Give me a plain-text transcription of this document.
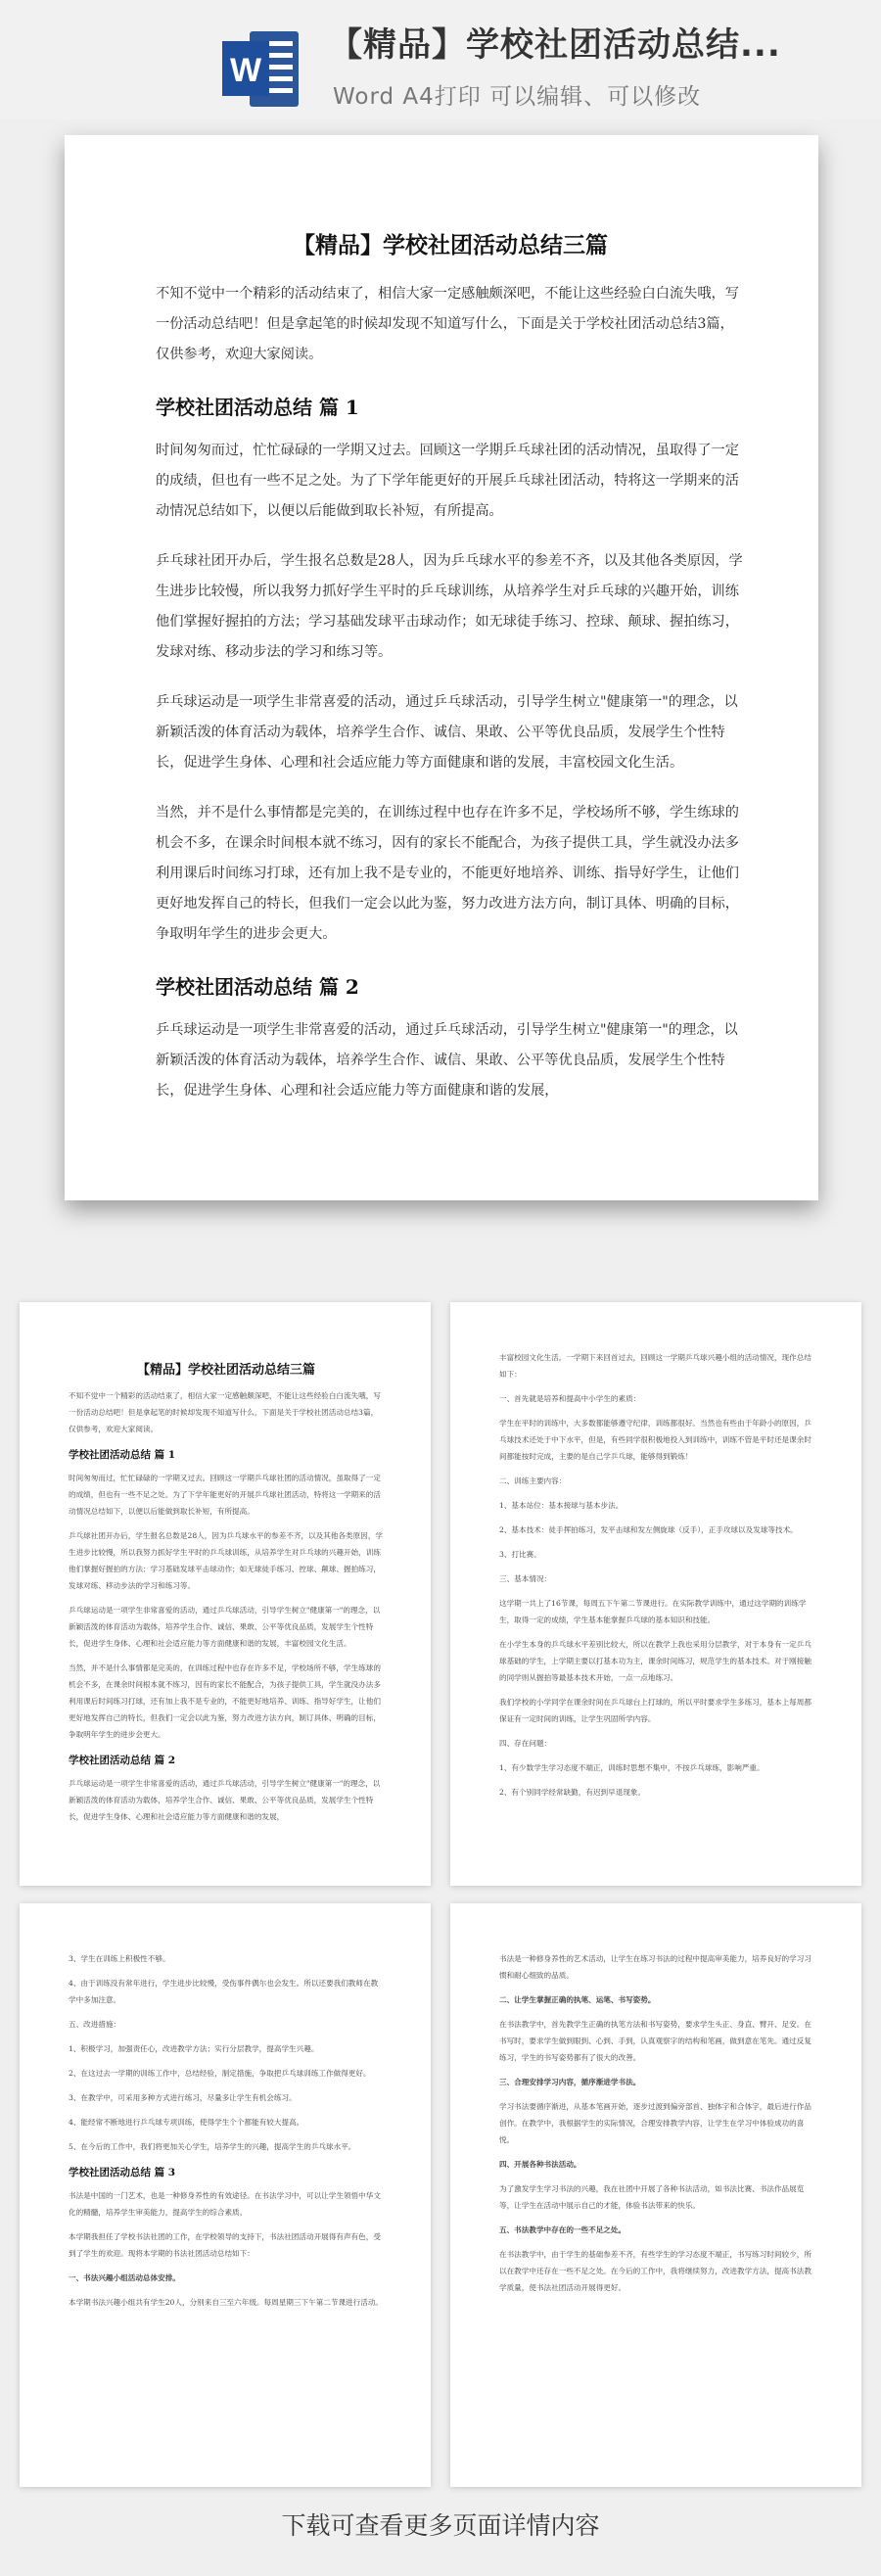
W
【精品】学校社团活动总结...
Word A4打印 可以编辑、可以修改
【精品】学校社团活动总结三篇

不知不觉中一个精彩的活动结束了，相信大家一定感触颇深吧，不能让这些经验白白流失哦，写一份活动总结吧！但是拿起笔的时候却发现不知道写什么，下面是关于学校社团活动总结3篇，仅供参考，欢迎大家阅读。

学校社团活动总结 篇 1

时间匆匆而过，忙忙碌碌的一学期又过去。回顾这一学期乒乓球社团的活动情况，虽取得了一定的成绩，但也有一些不足之处。为了下学年能更好的开展乒乓球社团活动，特将这一学期来的活动情况总结如下，以便以后能做到取长补短，有所提高。

乒乓球社团开办后，学生报名总数是28人，因为乒乓球水平的参差不齐，以及其他各类原因，学生进步比较慢，所以我努力抓好学生平时的乒乓球训练，从培养学生对乒乓球的兴趣开始，训练他们掌握好握拍的方法；学习基础发球平击球动作；如无球徒手练习、控球、颠球、握拍练习，发球对练、移动步法的学习和练习等。

乒乓球运动是一项学生非常喜爱的活动，通过乒乓球活动，引导学生树立"健康第一"的理念，以新颖活泼的体育活动为载体，培养学生合作、诚信、果敢、公平等优良品质，发展学生个性特长，促进学生身体、心理和社会适应能力等方面健康和谐的发展，丰富校园文化生活。

当然，并不是什么事情都是完美的，在训练过程中也存在许多不足，学校场所不够，学生练球的机会不多，在课余时间根本就不练习，因有的家长不能配合，为孩子提供工具，学生就没办法多利用课后时间练习打球，还有加上我不是专业的，不能更好地培养、训练、指导好学生，让他们更好地发挥自己的特长，但我们一定会以此为鉴，努力改进方法方向，制订具体、明确的目标，争取明年学生的进步会更大。

学校社团活动总结 篇 2

乒乓球运动是一项学生非常喜爱的活动，通过乒乓球活动，引导学生树立"健康第一"的理念，以新颖活泼的体育活动为载体，培养学生合作、诚信、果敢、公平等优良品质，发展学生个性特长，促进学生身体、心理和社会适应能力等方面健康和谐的发展，

【精品】学校社团活动总结三篇

不知不觉中一个精彩的活动结束了，相信大家一定感触颇深吧，不能让这些经验白白流失哦，写一份活动总结吧！但是拿起笔的时候却发现不知道写什么，下面是关于学校社团活动总结3篇，仅供参考，欢迎大家阅读。

学校社团活动总结 篇 1

时间匆匆而过，忙忙碌碌的一学期又过去。回顾这一学期乒乓球社团的活动情况，虽取得了一定的成绩，但也有一些不足之处。为了下学年能更好的开展乒乓球社团活动，特将这一学期来的活动情况总结如下，以便以后能做到取长补短，有所提高。

乒乓球社团开办后，学生报名总数是28人，因为乒乓球水平的参差不齐，以及其他各类原因，学生进步比较慢，所以我努力抓好学生平时的乒乓球训练，从培养学生对乒乓球的兴趣开始，训练他们掌握好握拍的方法；学习基础发球平击球动作；如无球徒手练习、控球、颠球、握拍练习，发球对练、移动步法的学习和练习等。

乒乓球运动是一项学生非常喜爱的活动，通过乒乓球活动，引导学生树立"健康第一"的理念，以新颖活泼的体育活动为载体，培养学生合作、诚信、果敢、公平等优良品质，发展学生个性特长，促进学生身体、心理和社会适应能力等方面健康和谐的发展，丰富校园文化生活。

当然，并不是什么事情都是完美的，在训练过程中也存在许多不足，学校场所不够，学生练球的机会不多，在课余时间根本就不练习，因有的家长不能配合，为孩子提供工具，学生就没办法多利用课后时间练习打球，还有加上我不是专业的，不能更好地培养、训练、指导好学生，让他们更好地发挥自己的特长，但我们一定会以此为鉴，努力改进方法方向，制订具体、明确的目标，争取明年学生的进步会更大。

学校社团活动总结 篇 2

乒乓球运动是一项学生非常喜爱的活动，通过乒乓球活动，引导学生树立"健康第一"的理念，以新颖活泼的体育活动为载体，培养学生合作、诚信、果敢、公平等优良品质，发展学生个性特长，促进学生身体、心理和社会适应能力等方面健康和谐的发展，

丰富校园文化生活。一学期下来回首过去，回顾这一学期乒乓球兴趣小组的活动情况，现作总结如下：

一、首先就是培养和提高中小学生的素质：

学生在平时的训练中，大多数都能够遵守纪律，训练都很好。当然也有些由于年龄小的原因，乒乓球技术还处于中下水平，但是，有些同学很积极地投入到训练中，训练不管是平时还是课余时间都能按时完成，主要的是自己学乒乓球，能够得到锻炼！

二、训练主要内容：

1、基本站位：基本接球与基本步法。

2、基本技术：徒手挥拍练习，发平击球和发左侧旋球（反手），正手攻球以及发球等技术。

3、打比赛。

三、基本情况：

这学期一共上了16节课，每周五下午第二节课进行。在实际教学训练中，通过这学期的训练学生，取得一定的成绩，学生基本能掌握乒乓球的基本知识和技能。

在小学生本身的乒乓球水平差别比较大，所以在教学上我也采用分层教学，对于本身有一定乒乓球基础的学生，上学期主要以打基本功为主，课余时间练习，规范学生的基本技术。对于刚接触的同学则从握拍等最基本技术开始，一点一点地练习。

我们学校的小学同学在课余时间在乒乓球台上打球的，所以平时要求学生多练习，基本上每周都保证有一定时间的训练，让学生巩固所学内容。

四、存在问题：

1、有少数学生学习态度不端正，训练时思想不集中，不按乒乓球练，影响严重。

2、有个别同学经常缺勤，有迟到早退现象。

3、学生在训练上积极性不够。

4、由于训练没有常年进行，学生进步比较慢，受伤事件偶尔也会发生。所以还要我们教师在教学中多加注意。

五、改进措施：

1、积极学习，加强责任心，改进教学方法；实行分层教学，提高学生兴趣。

2、在这过去一学期的训练工作中，总结经验，制定措施，争取把乒乓球训练工作做得更好。

3、在教学中，可采用多种方式进行练习，尽量多让学生有机会练习。

4、能经常不断地进行乒乓球专项训练，使得学生个个都能有较大提高。

5、在今后的工作中，我们将更加关心学生，培养学生的兴趣，提高学生的乒乓球水平。

学校社团活动总结 篇 3

书法是中国的一门艺术，也是一种修身养性的有效途径。在书法学习中，可以让学生领悟中华文化的精髓，培养学生审美能力，提高学生的综合素质。

本学期我担任了学校书法社团的工作，在学校领导的支持下，书法社团活动开展得有声有色，受到了学生的欢迎。现将本学期的书法社团活动总结如下：

一、书法兴趣小组活动总体安排。

本学期书法兴趣小组共有学生20人，分别来自三至六年级。每周星期三下午第二节课进行活动。

书法是一种修身养性的艺术活动，让学生在练习书法的过程中提高审美能力，培养良好的学习习惯和耐心细致的品质。

二、让学生掌握正确的执笔、运笔、书写姿势。

在书法教学中，首先教学生正确的执笔方法和书写姿势，要求学生头正、身直、臂开、足安。在书写时，要求学生做到眼到、心到、手到，认真观察字的结构和笔画，做到意在笔先。通过反复练习，学生的书写姿势都有了很大的改善。

三、合理安排学习内容，循序渐进学书法。

学习书法要循序渐进，从基本笔画开始，逐步过渡到偏旁部首、独体字和合体字，最后进行作品创作。在教学中，我根据学生的实际情况，合理安排教学内容，让学生在学习中体验成功的喜悦。

四、开展各种书法活动。

为了激发学生学习书法的兴趣，我在社团中开展了各种书法活动，如书法比赛、书法作品展览等，让学生在活动中展示自己的才能，体验书法带来的快乐。

五、书法教学中存在的一些不足之处。

在书法教学中，由于学生的基础参差不齐，有些学生的学习态度不端正，书写练习时间较少，所以在教学中还存在一些不足之处。在今后的工作中，我将继续努力，改进教学方法，提高书法教学质量，使书法社团活动开展得更好。

下载可查看更多页面详情内容
